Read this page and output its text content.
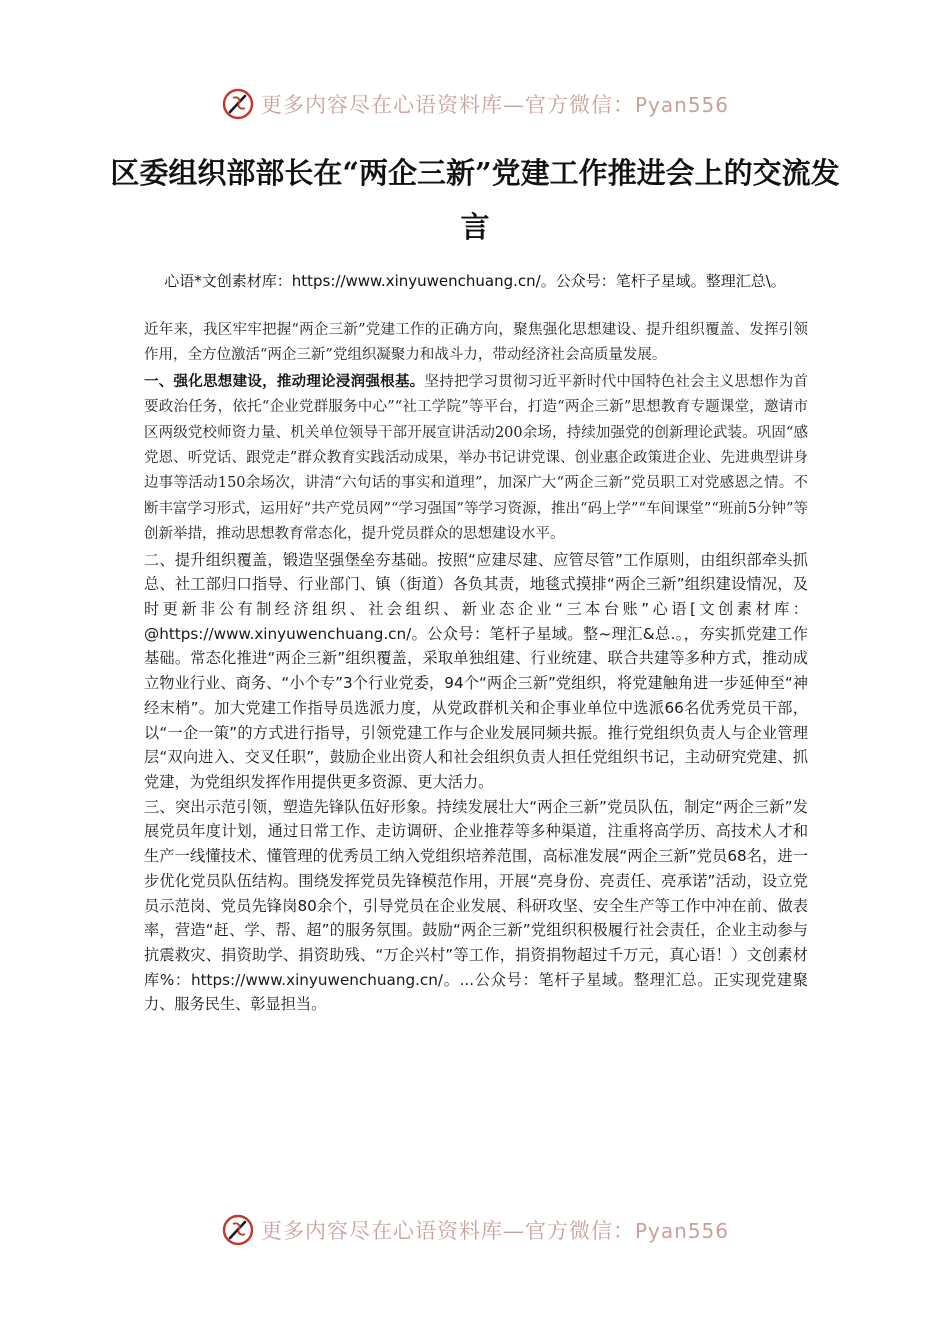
更多内容尽在心语资料库—官方微信：Pyan556
区委组织部部长在“两企三新”党建工作推进会上的交流发言

心语*文创素材库：https://www.xinyuwenchuang.cn/。公众号：笔杆子星域。整理汇总\。

近年来，我区牢牢把握“两企三新”党建工作的正确方向，聚焦强化思想建设、提升组织覆盖、发挥引领作用，全方位激活“两企三新”党组织凝聚力和战斗力，带动经济社会高质量发展。

一、强化思想建设，推动理论浸润强根基。坚持把学习贯彻习近平新时代中国特色社会主义思想作为首要政治任务，依托“企业党群服务中心”“社工学院”等平台，打造“两企三新”思想教育专题课堂，邀请市区两级党校师资力量、机关单位领导干部开展宣讲活动200余场，持续加强党的创新理论武装。巩固“感党恩、听党话、跟党走”群众教育实践活动成果，举办书记讲党课、创业惠企政策进企业、先进典型讲身边事等活动150余场次，讲清“六句话的事实和道理”，加深广大“两企三新”党员职工对党感恩之情。不断丰富学习形式，运用好“共产党员网”“学习强国”等学习资源，推出“码上学”“车间课堂”“班前5分钟”等创新举措，推动思想教育常态化，提升党员群众的思想建设水平。

二、提升组织覆盖，锻造坚强堡垒夯基础。按照“应建尽建、应管尽管”工作原则，由组织部牵头抓总、社工部归口指导、行业部门、镇（街道）各负其责，地毯式摸排“两企三新”组织建设情况，及时更新非公有制经济组织、社会组织、新业态企业“三本台账”心语[文创素材库：@https://www.xinyuwenchuang.cn/。公众号：笔杆子星域。整~理汇&总.。，夯实抓党建工作基础。常态化推进“两企三新”组织覆盖，采取单独组建、行业统建、联合共建等多种方式，推动成立物业行业、商务、“小个专”3个行业党委，94个“两企三新”党组织，将党建触角进一步延伸至“神经末梢”。加大党建工作指导员选派力度，从党政群机关和企事业单位中选派66名优秀党员干部，以“一企一策”的方式进行指导，引领党建工作与企业发展同频共振。推行党组织负责人与企业管理层“双向进入、交叉任职”，鼓励企业出资人和社会组织负责人担任党组织书记，主动研究党建、抓党建，为党组织发挥作用提供更多资源、更大活力。

三、突出示范引领，塑造先锋队伍好形象。持续发展壮大“两企三新”党员队伍，制定“两企三新”发展党员年度计划，通过日常工作、走访调研、企业推荐等多种渠道，注重将高学历、高技术人才和生产一线懂技术、懂管理的优秀员工纳入党组织培养范围，高标准发展“两企三新”党员68名，进一步优化党员队伍结构。围绕发挥党员先锋模范作用，开展“亮身份、亮责任、亮承诺”活动，设立党员示范岗、党员先锋岗80余个，引导党员在企业发展、科研攻坚、安全生产等工作中冲在前、做表率，营造“赶、学、帮、超”的服务氛围。鼓励“两企三新”党组织积极履行社会责任，企业主动参与抗震救灾、捐资助学、捐资助残、“万企兴村”等工作，捐资捐物超过千万元，真心语！）文创素材库%：https://www.xinyuwenchuang.cn/。...公众号：笔杆子星域。整理汇总。正实现党建聚力、服务民生、彰显担当。

更多内容尽在心语资料库—官方微信：Pyan556
